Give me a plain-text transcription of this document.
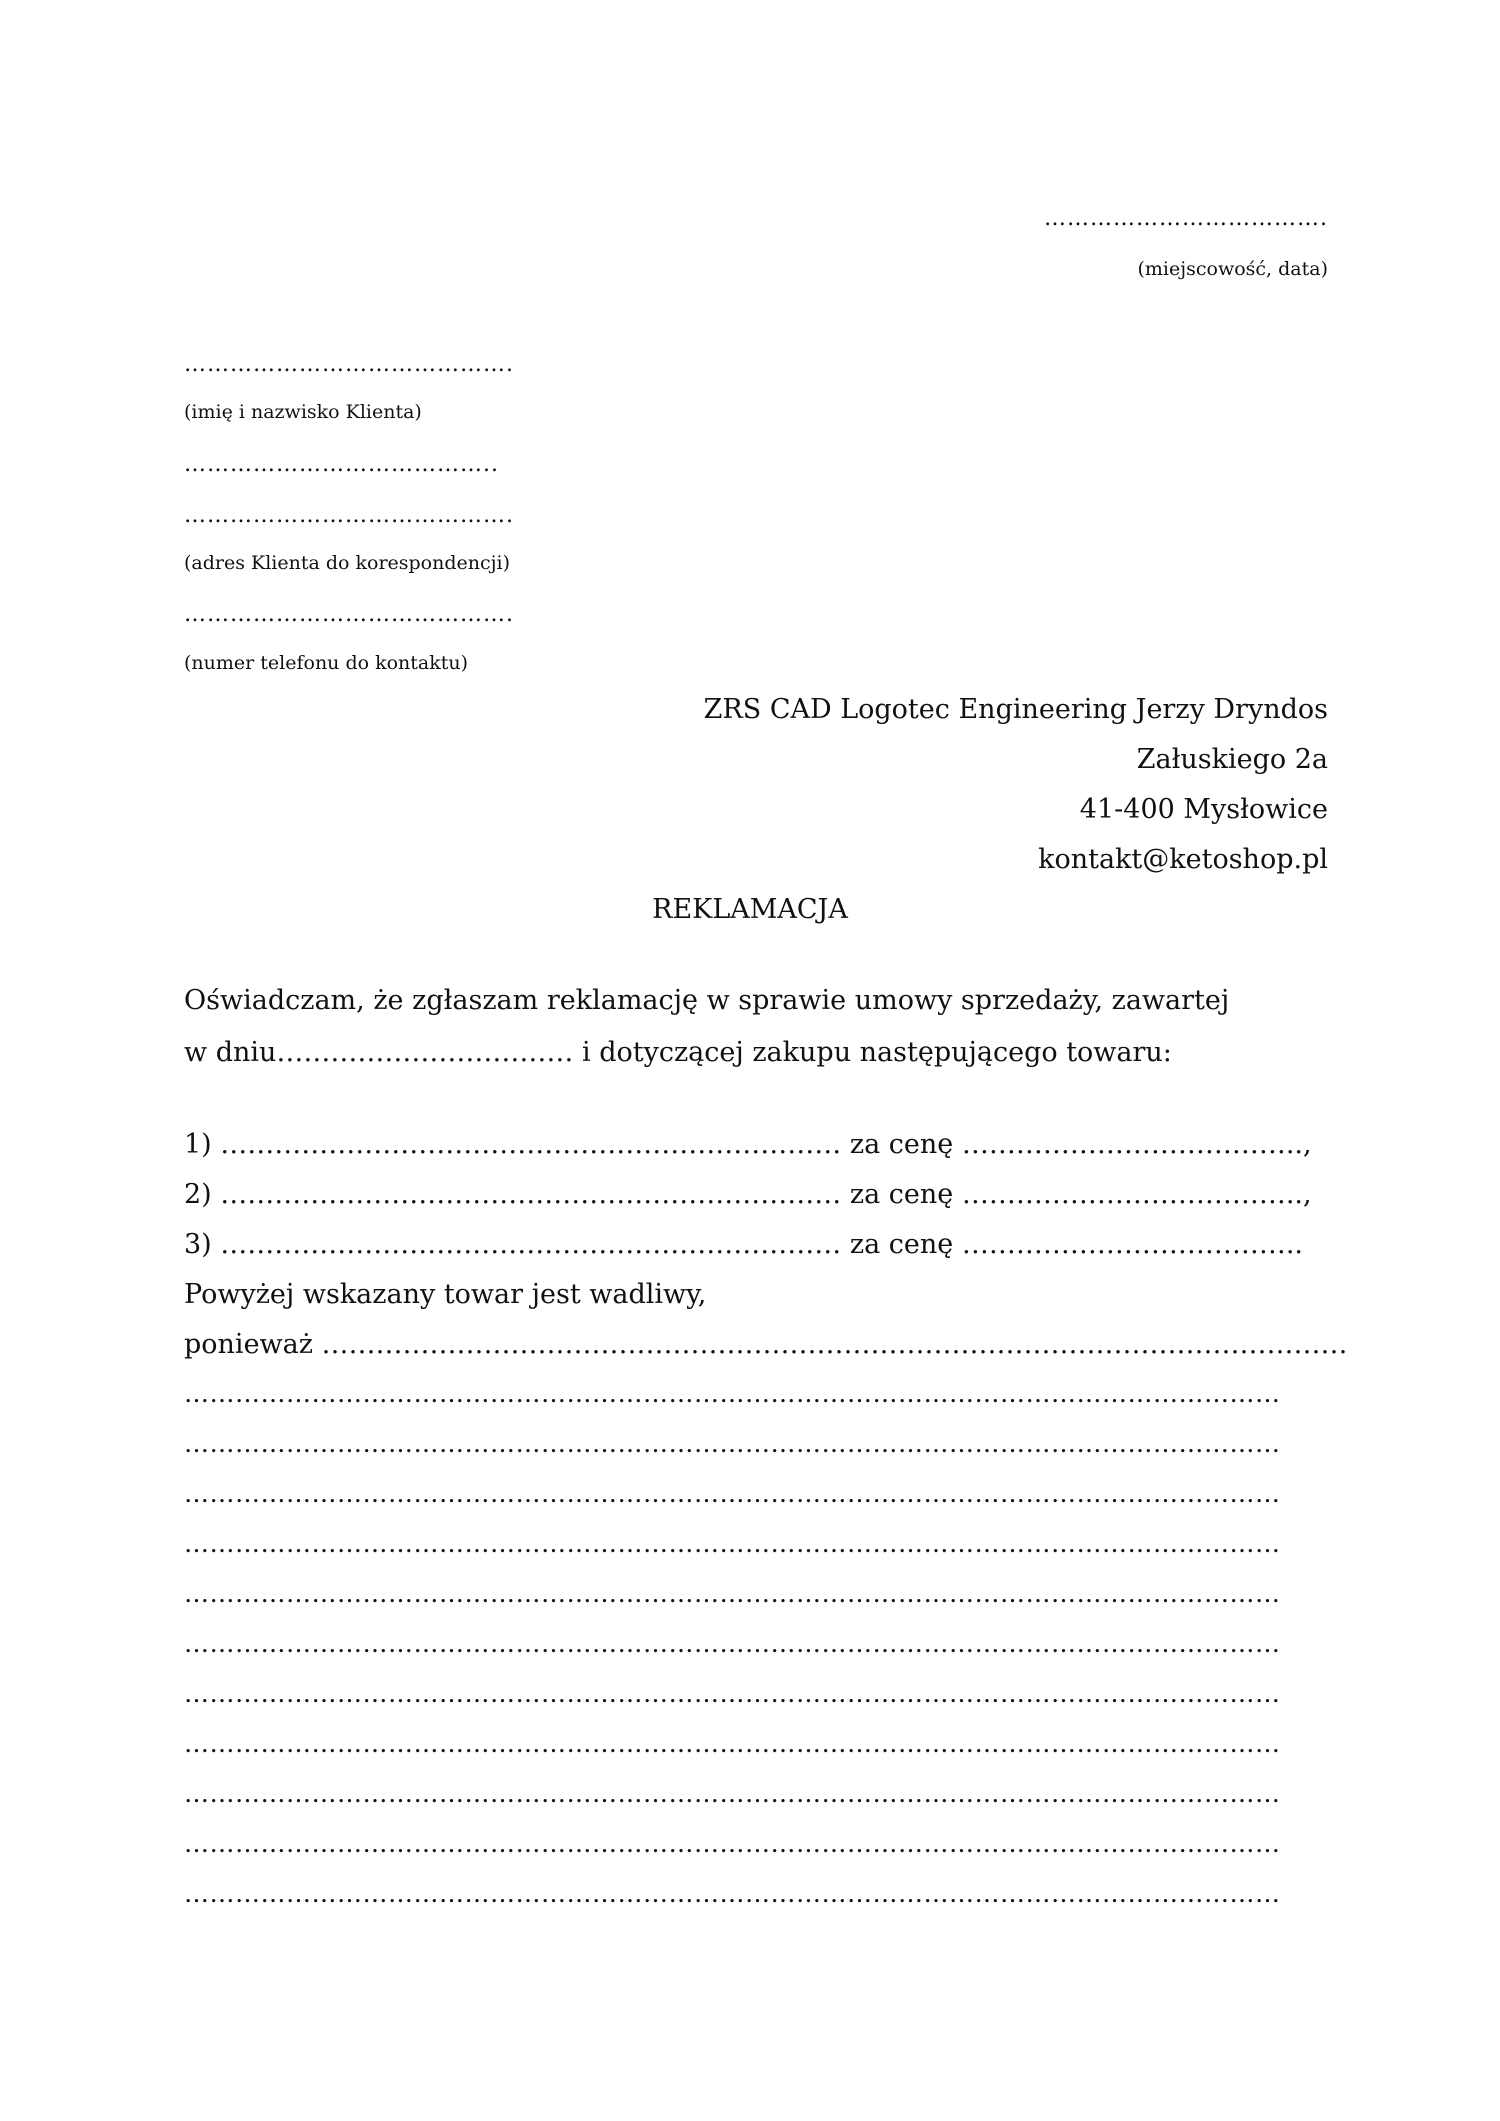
……………………………….
(miejscowość, data)
…………………………………….
(imię i nazwisko Klienta)
…………………………………..
…………………………………….
(adres Klienta do korespondencji)
…………………………………….
(numer telefonu do kontaktu)
ZRS CAD Logotec Engineering Jerzy Dryndos
Załuskiego 2a
41-400 Mysłowice
kontakt@ketoshop.pl
REKLAMACJA
Oświadczam, że zgłaszam reklamację w sprawie umowy sprzedaży, zawartej
w dniu…………………………… i dotyczącej zakupu następującego towaru:
1) …………………………………………………………… za cenę ………………………………..,
2) …………………………………………………………… za cenę ………………………………..,
3) …………………………………………………………… za cenę ………………………………..
Powyżej wskazany towar jest wadliwy,
ponieważ ……………………………………………………………………………………………………
…………………………………………………………………………………………………………………
…………………………………………………………………………………………………………………
…………………………………………………………………………………………………………………
…………………………………………………………………………………………………………………
…………………………………………………………………………………………………………………
…………………………………………………………………………………………………………………
…………………………………………………………………………………………………………………
…………………………………………………………………………………………………………………
…………………………………………………………………………………………………………………
…………………………………………………………………………………………………………………
…………………………………………………………………………………………………………………
